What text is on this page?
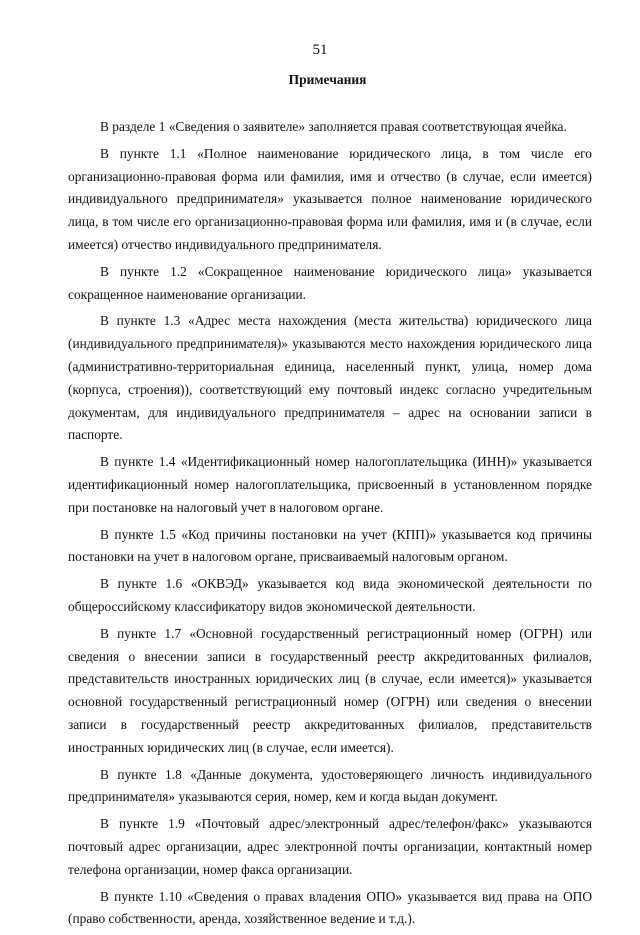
51
Примечания

В разделе 1 «Сведения о заявителе» заполняется правая соответствующая ячейка.

В пункте 1.1 «Полное наименование юридического лица, в том числе его организационно-правовая форма или фамилия, имя и отчество (в случае, если имеется) индивидуального предпринимателя» указывается полное наименование юридического лица, в том числе его организационно-правовая форма или фамилия, имя и (в случае, если имеется) отчество индивидуального предпринимателя.

В пункте 1.2 «Сокращенное наименование юридического лица» указывается сокращенное наименование организации.

В пункте 1.3 «Адрес места нахождения (места жительства) юридического лица (индивидуального предпринимателя)» указываются место нахождения юридического лица (административно-территориальная единица, населенный пункт, улица, номер дома (корпуса, строения)), соответствующий ему почтовый индекс согласно учредительным документам, для индивидуального предпринимателя – адрес на основании записи в паспорте.

В пункте 1.4 «Идентификационный номер налогоплательщика (ИНН)» указывается идентификационный номер налогоплательщика, присвоенный в установленном порядке при постановке на налоговый учет в налоговом органе.

В пункте 1.5 «Код причины постановки на учет (КПП)» указывается код причины постановки на учет в налоговом органе, присваиваемый налоговым органом.

В пункте 1.6 «ОКВЭД» указывается код вида экономической деятельности по общероссийскому классификатору видов экономической деятельности.

В пункте 1.7 «Основной государственный регистрационный номер (ОГРН) или сведения о внесении записи в государственный реестр аккредитованных филиалов, представительств иностранных юридических лиц (в случае, если имеется)» указывается основной государственный регистрационный номер (ОГРН) или сведения о внесении записи в государственный реестр аккредитованных филиалов, представительств иностранных юридических лиц (в случае, если имеется).

В пункте 1.8 «Данные документа, удостоверяющего личность индивидуального предпринимателя» указываются серия, номер, кем и когда выдан документ.

В пункте 1.9 «Почтовый адрес/электронный адрес/телефон/факс» указываются почтовый адрес организации, адрес электронной почты организации, контактный номер телефона организации, номер факса организации.

В пункте 1.10 «Сведения о правах владения ОПО» указывается вид права на ОПО (право собственности, аренда, хозяйственное ведение и т.д.).
